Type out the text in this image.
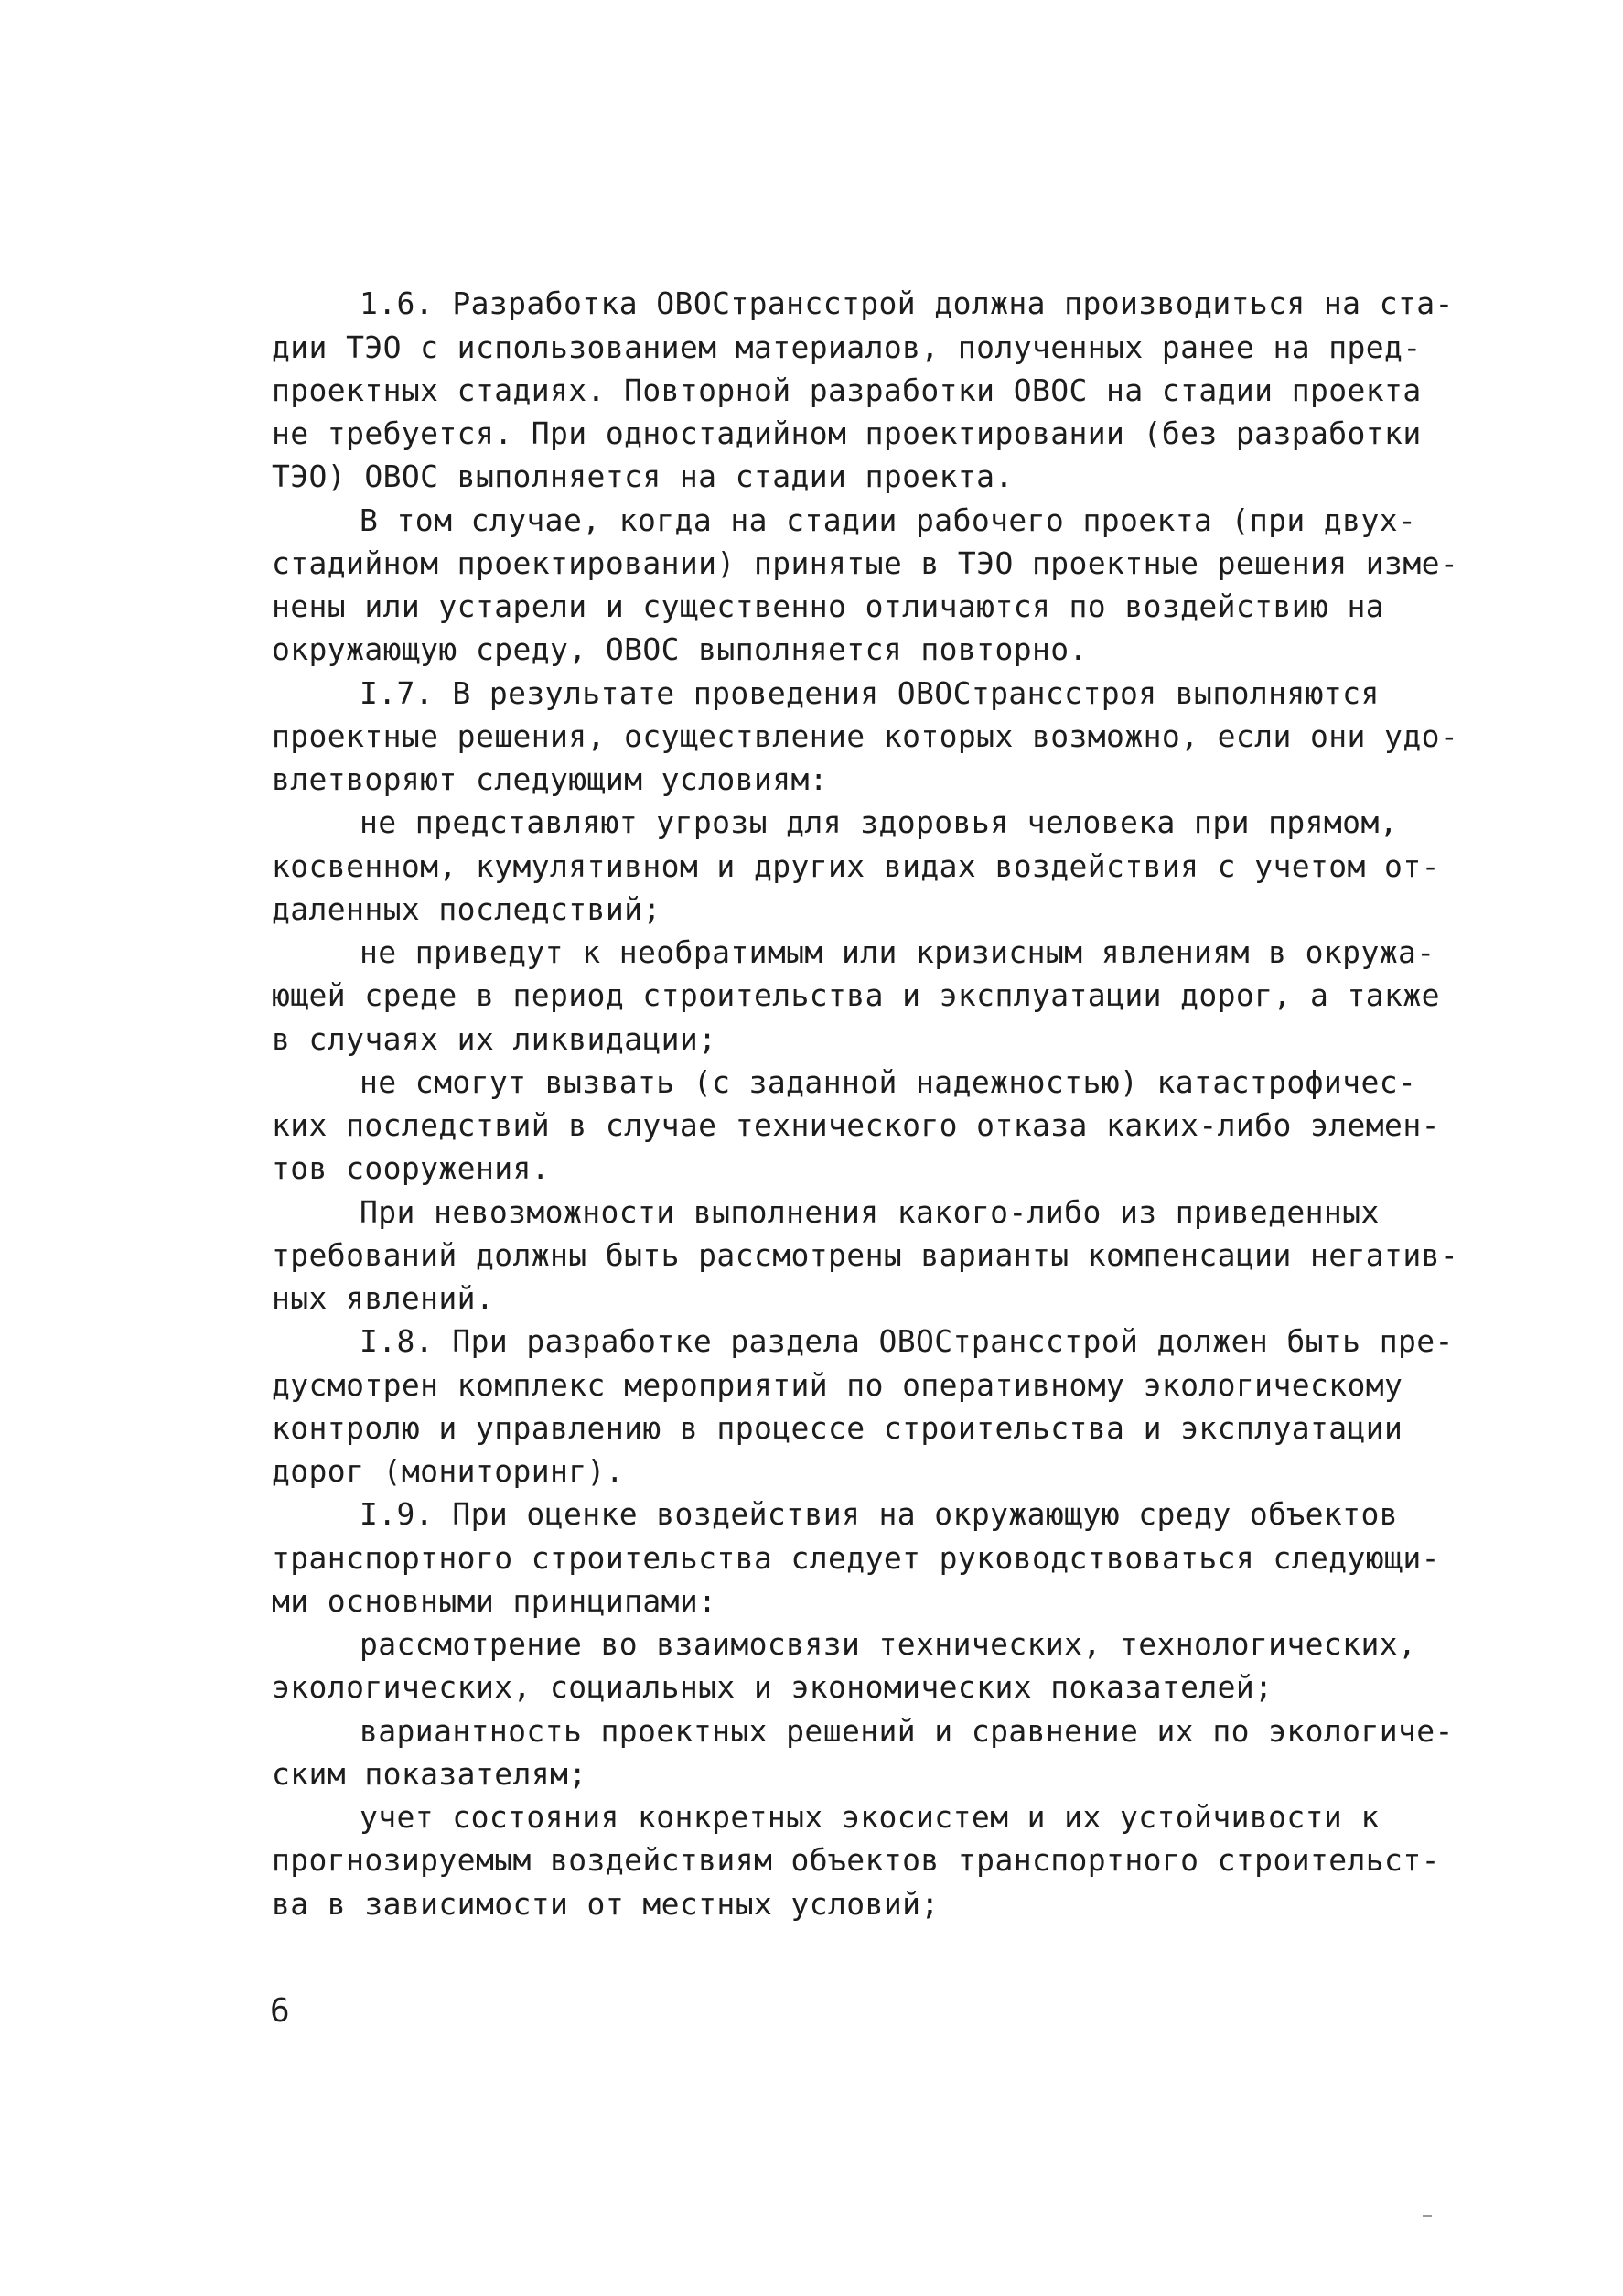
1.6. Разработка ОВОСтрансстрой должна производиться на ста-
дии ТЭО с использованием материалов, полученных ранее на пред-
проектных стадиях. Повторной разработки ОВОС на стадии проекта
не требуется. При одностадийном проектировании (без разработки
ТЭО) ОВОС выполняется на стадии проекта.
В том случае, когда на стадии рабочего проекта (при двух-
стадийном проектировании) принятые в ТЭО проектные решения изме-
нены или устарели и существенно отличаются по воздействию на
окружающую среду, ОВОС выполняется повторно.
I.7. В результате проведения ОВОСтрансстроя выполняются
проектные решения, осуществление которых возможно, если они удо-
влетворяют следующим условиям:
не представляют угрозы для здоровья человека при прямом,
косвенном, кумулятивном и других видах воздействия с учетом от-
даленных последствий;
не приведут к необратимым или кризисным явлениям в окружа-
ющей среде в период строительства и эксплуатации дорог, а также
в случаях их ликвидации;
не смогут вызвать (с заданной надежностью) катастрофичес-
ких последствий в случае технического отказа каких-либо элемен-
тов сооружения.
При невозможности выполнения какого-либо из приведенных
требований должны быть рассмотрены варианты компенсации негатив-
ных явлений.
I.8. При разработке раздела ОВОСтрансстрой должен быть пре-
дусмотрен комплекс мероприятий по оперативному экологическому
контролю и управлению в процессе строительства и эксплуатации
дорог (мониторинг).
I.9. При оценке воздействия на окружающую среду объектов
транспортного строительства следует руководствоваться следующи-
ми основными принципами:
рассмотрение во взаимосвязи технических, технологических,
экологических, социальных и экономических показателей;
вариантность проектных решений и сравнение их по экологиче-
ским показателям;
учет состояния конкретных экосистем и их устойчивости к
прогнозируемым воздействиям объектов транспортного строительст-
ва в зависимости от местных условий;
6
